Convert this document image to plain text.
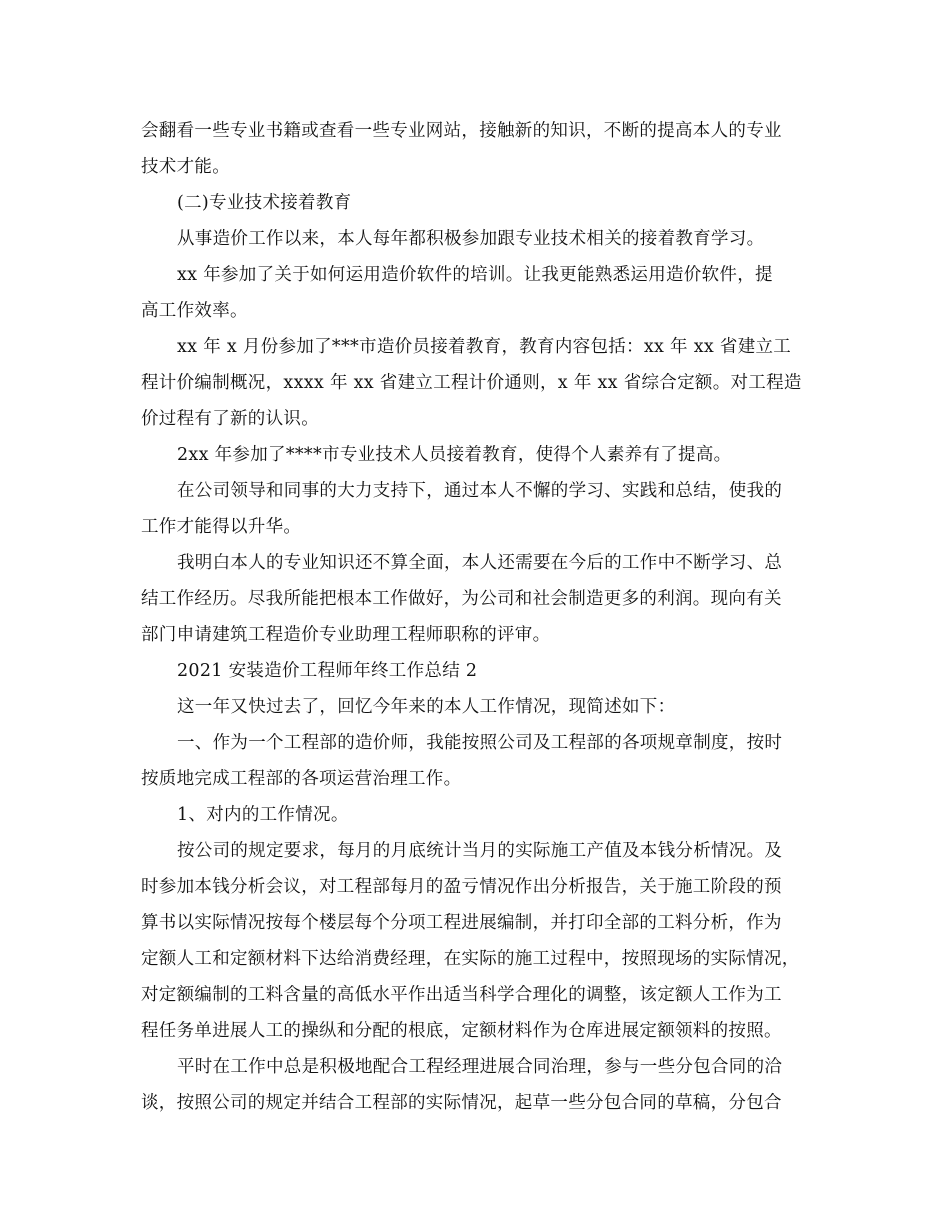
会翻看一些专业书籍或查看一些专业网站，接触新的知识，不断的提高本人的专业
技术才能。
(二)专业技术接着教育
从事造价工作以来，本人每年都积极参加跟专业技术相关的接着教育学习。
xx 年参加了关于如何运用造价软件的培训。让我更能熟悉运用造价软件，提
高工作效率。
xx 年 x 月份参加了***市造价员接着教育，教育内容包括：xx 年 xx 省建立工
程计价编制概况，xxxx 年 xx 省建立工程计价通则，x 年 xx 省综合定额。对工程造
价过程有了新的认识。
2xx 年参加了****市专业技术人员接着教育，使得个人素养有了提高。
在公司领导和同事的大力支持下，通过本人不懈的学习、实践和总结，使我的
工作才能得以升华。
我明白本人的专业知识还不算全面，本人还需要在今后的工作中不断学习、总
结工作经历。尽我所能把根本工作做好，为公司和社会制造更多的利润。现向有关
部门申请建筑工程造价专业助理工程师职称的评审。
2021 安装造价工程师年终工作总结 2
这一年又快过去了，回忆今年来的本人工作情况，现简述如下：
一、作为一个工程部的造价师，我能按照公司及工程部的各项规章制度，按时
按质地完成工程部的各项运营治理工作。
1、对内的工作情况。
按公司的规定要求，每月的月底统计当月的实际施工产值及本钱分析情况。及
时参加本钱分析会议，对工程部每月的盈亏情况作出分析报告，关于施工阶段的预
算书以实际情况按每个楼层每个分项工程进展编制，并打印全部的工料分析，作为
定额人工和定额材料下达给消费经理，在实际的施工过程中，按照现场的实际情况，
对定额编制的工料含量的高低水平作出适当科学合理化的调整，该定额人工作为工
程任务单进展人工的操纵和分配的根底，定额材料作为仓库进展定额领料的按照。
平时在工作中总是积极地配合工程经理进展合同治理，参与一些分包合同的洽
谈，按照公司的规定并结合工程部的实际情况，起草一些分包合同的草稿，分包合
